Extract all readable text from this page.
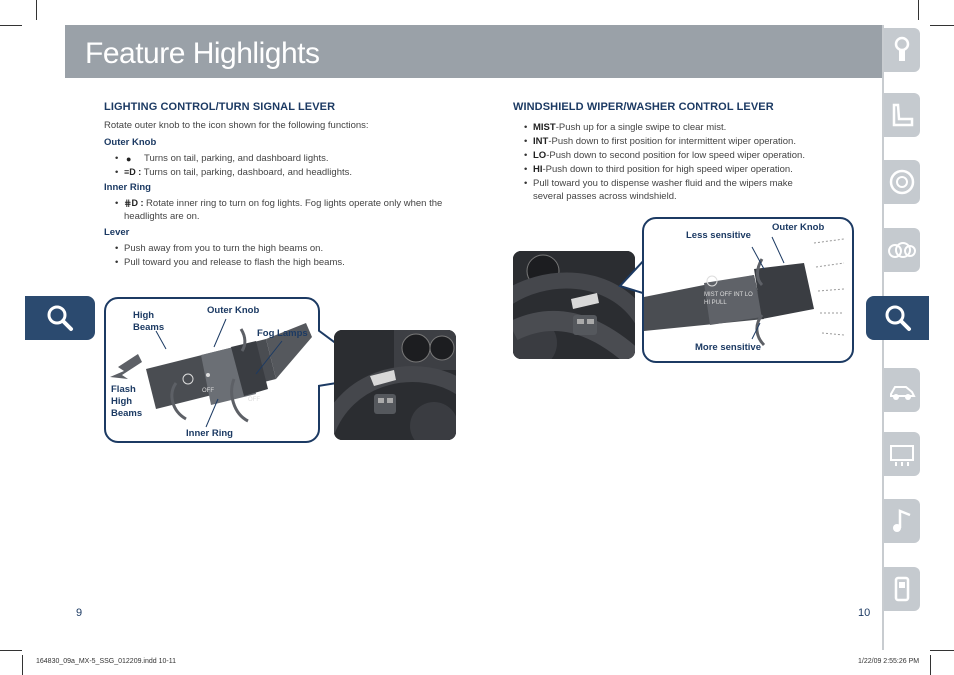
Feature Highlights
LIGHTING CONTROL/TURN SIGNAL LEVER

Rotate outer knob to the icon shown for the following functions:

Outer Knob
• ● Turns on tail, parking, and dashboard lights.
• ≡D : Turns on tail, parking, dashboard, and headlights.
Inner Ring
• ⋕D : Rotate inner ring to turn on fog lights. Fog lights operate only when the headlights are on.
Lever
• Push away from you to turn the high beams on.
• Pull toward you and release to flash the high beams.
OFF
OFF
High Beams
Outer Knob
Fog Lamps
Flash High Beams
Inner Ring
WINDSHIELD WIPER/WASHER CONTROL LEVER
• MIST-Push up for a single swipe to clear mist.
• INT-Push down to first position for intermittent wiper operation.
• LO-Push down to second position for low speed wiper operation.
• HI-Push down to third position for high speed wiper operation.
• Pull toward you to dispense washer fluid and the wipers make several passes across windshield.
MIST OFF INT LO HI PULL
Less sensitive
Outer Knob
More sensitive
9	10
164830_09a_MX-5_SSG_012209.indd 10-11	1/22/09 2:55:26 PM
